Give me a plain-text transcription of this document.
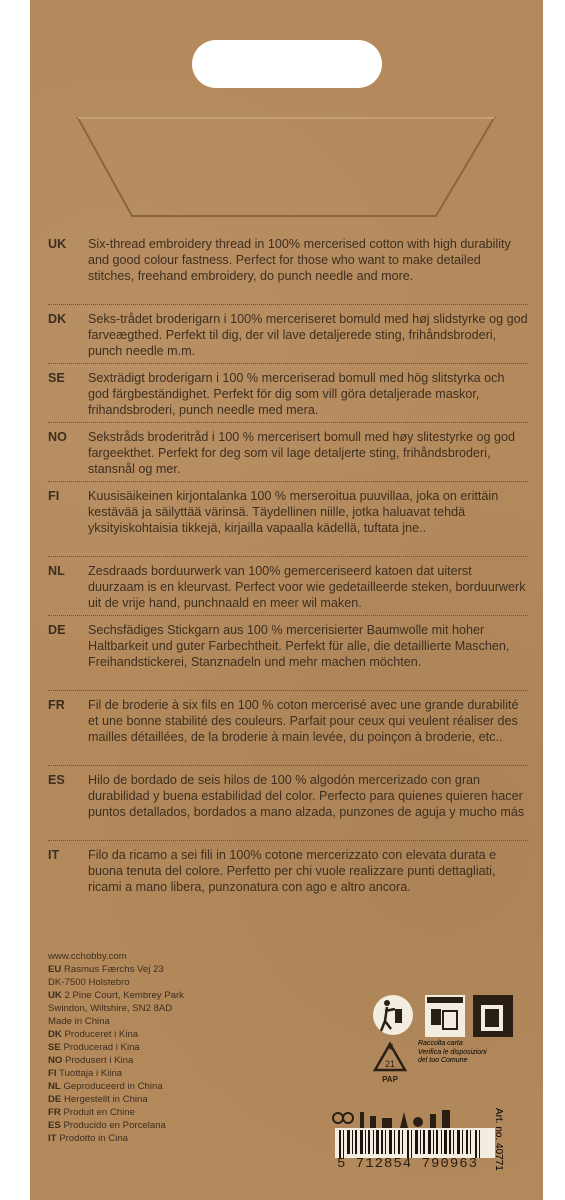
UK	Six-thread embroidery thread in 100% mercerised cotton with high durability and good colour fastness. Perfect for those who want to make detailed stitches, freehand embroidery, do punch needle and more.
DK	Seks-trådet broderigarn i 100% merceriseret bomuld med høj slidstyrke og god farveægthed. Perfekt til dig, der vil lave detaljerede sting, frihåndsbroderi, punch needle m.m.
SE	Sexträdigt broderigarn i 100 % merceriserad bomull med hög slitstyrka och god färgbeständighet. Perfekt för dig som vill göra detaljerade maskor, frihandsbroderi, punch needle med mera.
NO	Sekstråds broderitråd i 100 % mercerisert bomull med høy slitestyrke og god fargeekthet. Perfekt for deg som vil lage detaljerte sting, frihåndsbroderi, stansnål og mer.
FI	Kuusisäikeinen kirjontalanka 100 % merseroitua puuvillaa, joka on erittäin kestävää ja säilyttää värinsä. Täydellinen niille, jotka haluavat tehdä yksityiskohtaisia tikkejä, kirjailla vapaalla kädellä, tuftata jne..
NL	Zesdraads borduurwerk van 100% gemerceriseerd katoen dat uiterst duurzaam is en kleurvast. Perfect voor wie gedetailleerde steken, borduurwerk uit de vrije hand, punchnaald en meer wil maken.
DE	Sechsfädiges Stickgarn aus 100 % mercerisierter Baumwolle mit hoher Haltbarkeit und guter Farbechtheit. Perfekt für alle, die detaillierte Maschen, Freihandstickerei, Stanznadeln und mehr machen möchten.
FR	Fil de broderie à six fils en 100 % coton mercerisé avec une grande durabilité et une bonne stabilité des couleurs. Parfait pour ceux qui veulent réaliser des mailles détaillées, de la broderie à main levée, du poinçon à broderie, etc..
ES	Hilo de bordado de seis hilos de 100 % algodón mercerizado con gran durabilidad y buena estabilidad del color. Perfecto para quienes quieren hacer puntos detallados, bordados a mano alzada, punzones de aguja y mucho más
IT	Filo da ricamo a sei fili in 100% cotone mercerizzato con elevata durata e buona tenuta del colore. Perfetto per chi vuole realizzare punti dettagliati, ricami a mano libera, punzonatura con ago e altro ancora.
www.cchobby.com
EU Rasmus Færchs Vej 23
DK-7500 Holstebro
UK 2 Pine Court, Kembrey Park
Swindon, Wiltshire, SN2 8AD
Made in China
DK Produceret i Kina
SE Producerad i Kina
NO Produsert i Kina
FI Tuottaja i Kiina
NL Geproduceerd in China
DE Hergestellt in China
FR Produit en Chine
ES Producido en Porcelana
IT Prodotto in Cina
21
PAP
Raccolta carta
Verifica le disposizioni
del tuo Comune
5 712854 790963
